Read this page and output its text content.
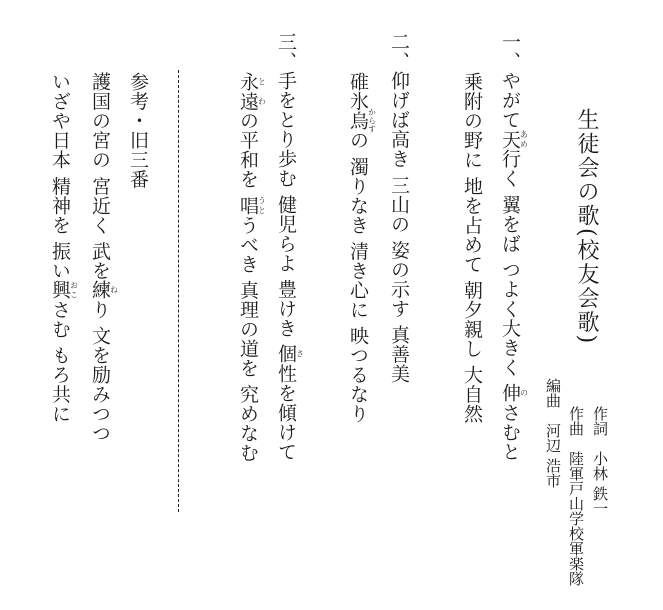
生徒会の歌(校友会歌)
作詞 小林 鉄一
作曲 陸軍戸山学校軍楽隊
編曲 河辺 浩市
一、やがて天あめ行く 翼をば つよく大きく 伸のさむと
乗附の野に 地を占めて 朝夕親し 大自然
二、仰げば高き 三山の 姿の示す 真善美
碓氷烏からすの 濁りなき 清き心に 映つるなり
三、手をとり歩む 健児らよ 豊けき 個さ性を傾けて
永と遠わの平和を 唱うとうべき 真理の道を 究めなむ
参考・旧三番
護国の宮の 宮近く 武を練ねり 文を励みつつ
いざや日本 精神を 振い興おこさむ もろ共に
